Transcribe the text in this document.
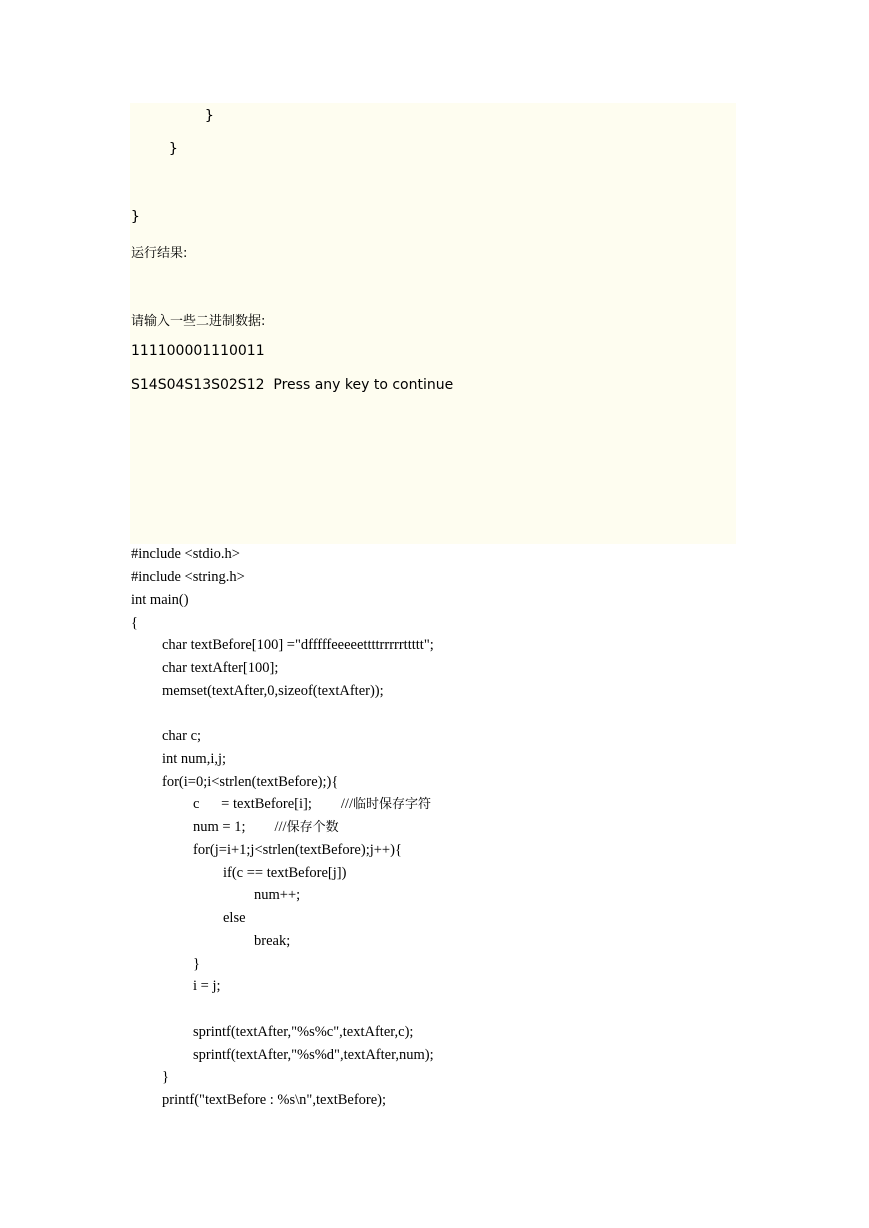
}
}
}
运行结果:
请输入一些二进制数据:
111100001110011
S14S04S13S02S12  Press any key to continue
#include <stdio.h>
#include <string.h>
int main()
{
char textBefore[100] ="dfffffeeeeettttrrrrrttttt";
char textAfter[100];
memset(textAfter,0,sizeof(textAfter));
char c;
int num,i,j;
for(i=0;i<strlen(textBefore);){
c      = textBefore[i];        ///临时保存字符
num = 1;        ///保存个数
for(j=i+1;j<strlen(textBefore);j++){
if(c == textBefore[j])
num++;
else
break;
}
i = j;
sprintf(textAfter,"%s%c",textAfter,c);
sprintf(textAfter,"%s%d",textAfter,num);
}
printf("textBefore : %s\n",textBefore);
